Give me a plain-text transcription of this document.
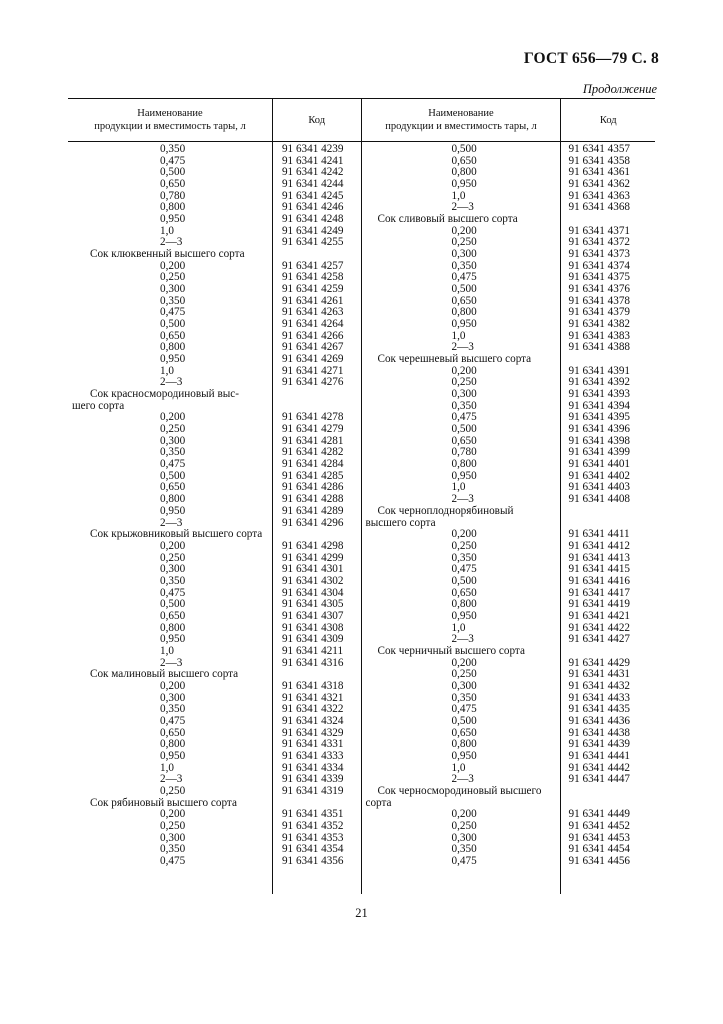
ГОСТ 656—79 С. 8
Продолжение
Наименование
продукции и вместимость тары, л
Код
Наименование
продукции и вместимость тары, л
Код
0,350
0,475
0,500
0,650
0,780
0,800
0,950
1,0
2—3
Сок клюквенный высшего сорта
0,200
0,250
0,300
0,350
0,475
0,500
0,650
0,800
0,950
1,0
2—3
Сок красносмородиновый выс-
шего сорта
0,200
0,250
0,300
0,350
0,475
0,500
0,650
0,800
0,950
2—3
Сок крыжовниковый высшего сорта
0,200
0,250
0,300
0,350
0,475
0,500
0,650
0,800
0,950
1,0
2—3
Сок малиновый высшего сорта
0,200
0,300
0,350
0,475
0,650
0,800
0,950
1,0
2—3
0,250
Сок рябиновый высшего сорта
0,200
0,250
0,300
0,350
0,475
91 6341 4239
91 6341 4241
91 6341 4242
91 6341 4244
91 6341 4245
91 6341 4246
91 6341 4248
91 6341 4249
91 6341 4255
91 6341 4257
91 6341 4258
91 6341 4259
91 6341 4261
91 6341 4263
91 6341 4264
91 6341 4266
91 6341 4267
91 6341 4269
91 6341 4271
91 6341 4276
91 6341 4278
91 6341 4279
91 6341 4281
91 6341 4282
91 6341 4284
91 6341 4285
91 6341 4286
91 6341 4288
91 6341 4289
91 6341 4296
91 6341 4298
91 6341 4299
91 6341 4301
91 6341 4302
91 6341 4304
91 6341 4305
91 6341 4307
91 6341 4308
91 6341 4309
91 6341 4211
91 6341 4316
91 6341 4318
91 6341 4321
91 6341 4322
91 6341 4324
91 6341 4329
91 6341 4331
91 6341 4333
91 6341 4334
91 6341 4339
91 6341 4319
91 6341 4351
91 6341 4352
91 6341 4353
91 6341 4354
91 6341 4356
0,500
0,650
0,800
0,950
1,0
2—3
Сок сливовый высшего сорта
0,200
0,250
0,300
0,350
0,475
0,500
0,650
0,800
0,950
1,0
2—3
Сок черешневый высшего сорта
0,200
0,250
0,300
0,350
0,475
0,500
0,650
0,780
0,800
0,950
1,0
2—3
Сок черноплоднорябиновый
высшего сорта
0,200
0,250
0,350
0,475
0,500
0,650
0,800
0,950
1,0
2—3
Сок черничный высшего сорта
0,200
0,250
0,300
0,350
0,475
0,500
0,650
0,800
0,950
1,0
2—3
Сок черносмородиновый высшего
сорта
0,200
0,250
0,300
0,350
0,475
91 6341 4357
91 6341 4358
91 6341 4361
91 6341 4362
91 6341 4363
91 6341 4368
91 6341 4371
91 6341 4372
91 6341 4373
91 6341 4374
91 6341 4375
91 6341 4376
91 6341 4378
91 6341 4379
91 6341 4382
91 6341 4383
91 6341 4388
91 6341 4391
91 6341 4392
91 6341 4393
91 6341 4394
91 6341 4395
91 6341 4396
91 6341 4398
91 6341 4399
91 6341 4401
91 6341 4402
91 6341 4403
91 6341 4408
91 6341 4411
91 6341 4412
91 6341 4413
91 6341 4415
91 6341 4416
91 6341 4417
91 6341 4419
91 6341 4421
91 6341 4422
91 6341 4427
91 6341 4429
91 6341 4431
91 6341 4432
91 6341 4433
91 6341 4435
91 6341 4436
91 6341 4438
91 6341 4439
91 6341 4441
91 6341 4442
91 6341 4447
91 6341 4449
91 6341 4452
91 6341 4453
91 6341 4454
91 6341 4456
21
